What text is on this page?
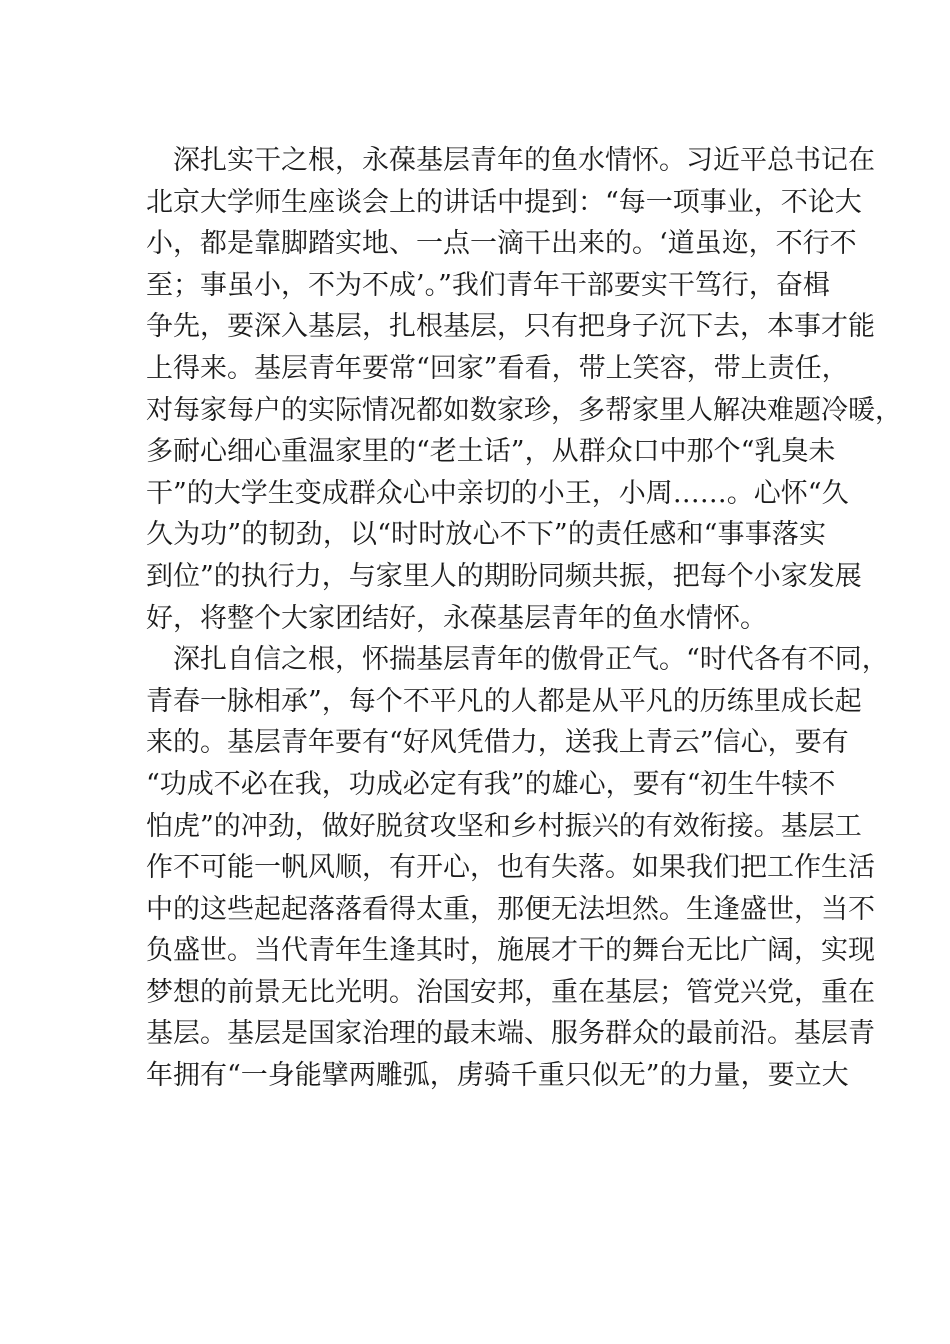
　深扎实干之根，永葆基层青年的鱼水情怀。习近平总书记在
北京大学师生座谈会上的讲话中提到：“每一项事业，不论大
小，都是靠脚踏实地、一点一滴干出来的。‘道虽迩，不行不
至；事虽小，不为不成’。”我们青年干部要实干笃行，奋楫
争先，要深入基层，扎根基层，只有把身子沉下去，本事才能
上得来。基层青年要常“回家”看看，带上笑容，带上责任，
对每家每户的实际情况都如数家珍，多帮家里人解决难题冷暖，
多耐心细心重温家里的“老土话”，从群众口中那个“乳臭未
干”的大学生变成群众心中亲切的小王，小周……。心怀“久
久为功”的韧劲，以“时时放心不下”的责任感和“事事落实
到位”的执行力，与家里人的期盼同频共振，把每个小家发展
好，将整个大家团结好，永葆基层青年的鱼水情怀。
　深扎自信之根，怀揣基层青年的傲骨正气。“时代各有不同，
青春一脉相承”，每个不平凡的人都是从平凡的历练里成长起
来的。基层青年要有“好风凭借力，送我上青云”信心，要有
“功成不必在我，功成必定有我”的雄心，要有“初生牛犊不
怕虎”的冲劲，做好脱贫攻坚和乡村振兴的有效衔接。基层工
作不可能一帆风顺，有开心，也有失落。如果我们把工作生活
中的这些起起落落看得太重，那便无法坦然。生逢盛世，当不
负盛世。当代青年生逢其时，施展才干的舞台无比广阔，实现
梦想的前景无比光明。治国安邦，重在基层；管党兴党，重在
基层。基层是国家治理的最末端、服务群众的最前沿。基层青
年拥有“一身能擘两雕弧，虏骑千重只似无”的力量，要立大
